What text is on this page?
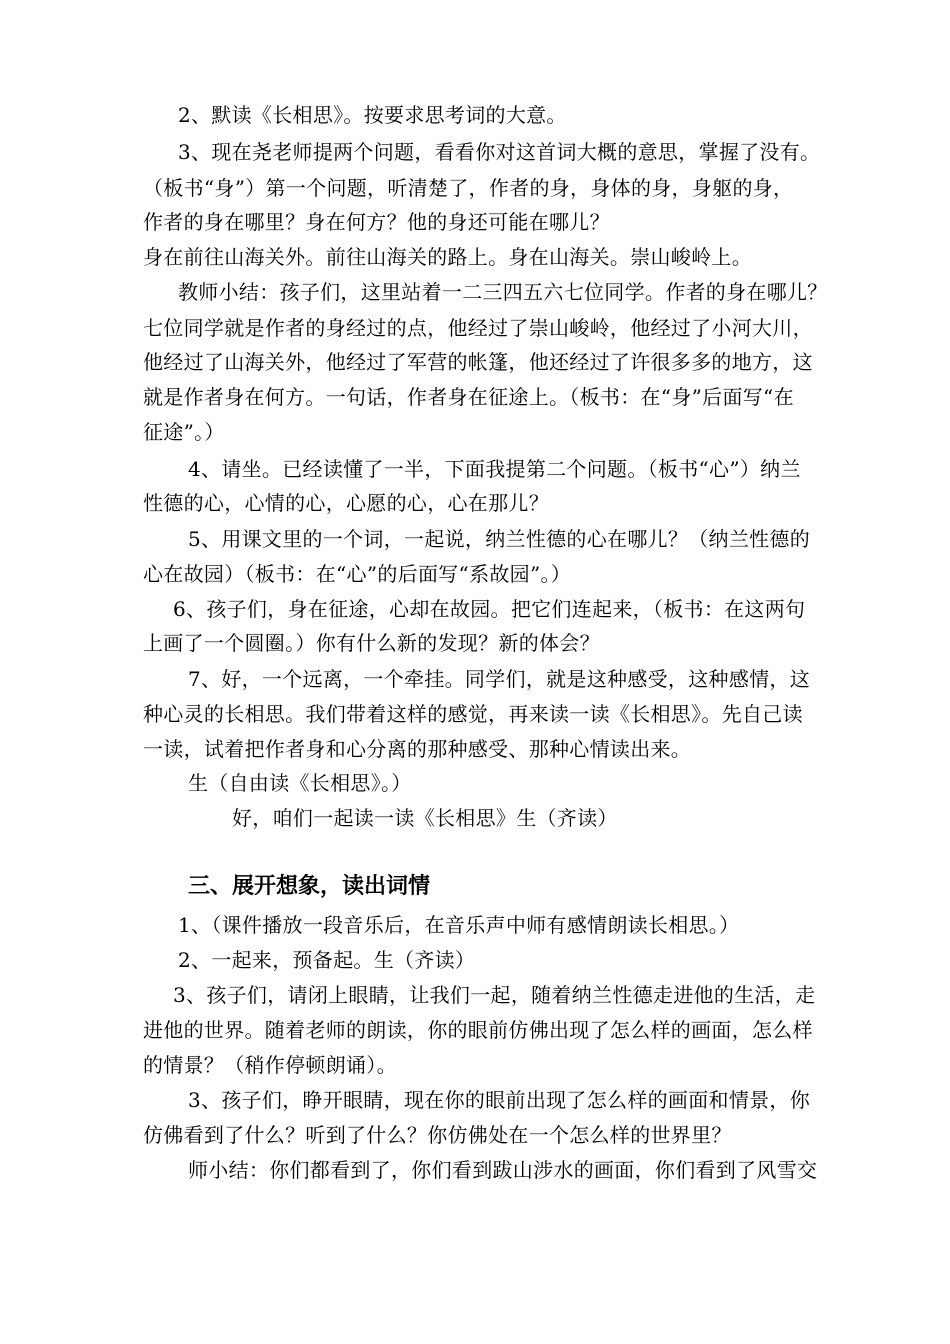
2、默读《长相思》。按要求思考词的大意。
3、现在尧老师提两个问题，看看你对这首词大概的意思，掌握了没有。
（板书“身”）第一个问题，听清楚了，作者的身，身体的身，身躯的身，
作者的身在哪里？身在何方？他的身还可能在哪儿？
身在前往山海关外。前往山海关的路上。身在山海关。崇山峻岭上。
教师小结：孩子们，这里站着一二三四五六七位同学。作者的身在哪儿？
七位同学就是作者的身经过的点，他经过了崇山峻岭，他经过了小河大川，
他经过了山海关外，他经过了军营的帐篷，他还经过了许很多多的地方，这
就是作者身在何方。一句话，作者身在征途上。（板书：在“身”后面写“在
征途”。）
4、请坐。已经读懂了一半，下面我提第二个问题。（板书“心”）纳兰
性德的心，心情的心，心愿的心，心在那儿？
5、用课文里的一个词，一起说，纳兰性德的心在哪儿？（纳兰性德的
心在故园）（板书：在“心”的后面写“系故园”。）
6、孩子们，身在征途，心却在故园。把它们连起来，（板书：在这两句
上画了一个圆圈。）你有什么新的发现？新的体会？
7、好，一个远离，一个牵挂。同学们，就是这种感受，这种感情，这
种心灵的长相思。我们带着这样的感觉，再来读一读《长相思》。先自己读
一读，试着把作者身和心分离的那种感受、那种心情读出来。
生（自由读《长相思》。）
好，咱们一起读一读《长相思》生（齐读）
三、展开想象，读出词情
1、（课件播放一段音乐后，在音乐声中师有感情朗读长相思。）
2、一起来，预备起。生（齐读）
3、孩子们，请闭上眼睛，让我们一起，随着纳兰性德走进他的生活，走
进他的世界。随着老师的朗读，你的眼前仿佛出现了怎么样的画面，怎么样
的情景？（稍作停顿朗诵）。
3、孩子们，睁开眼睛，现在你的眼前出现了怎么样的画面和情景，你
仿佛看到了什么？听到了什么？你仿佛处在一个怎么样的世界里？
师小结：你们都看到了，你们看到跋山涉水的画面，你们看到了风雪交
